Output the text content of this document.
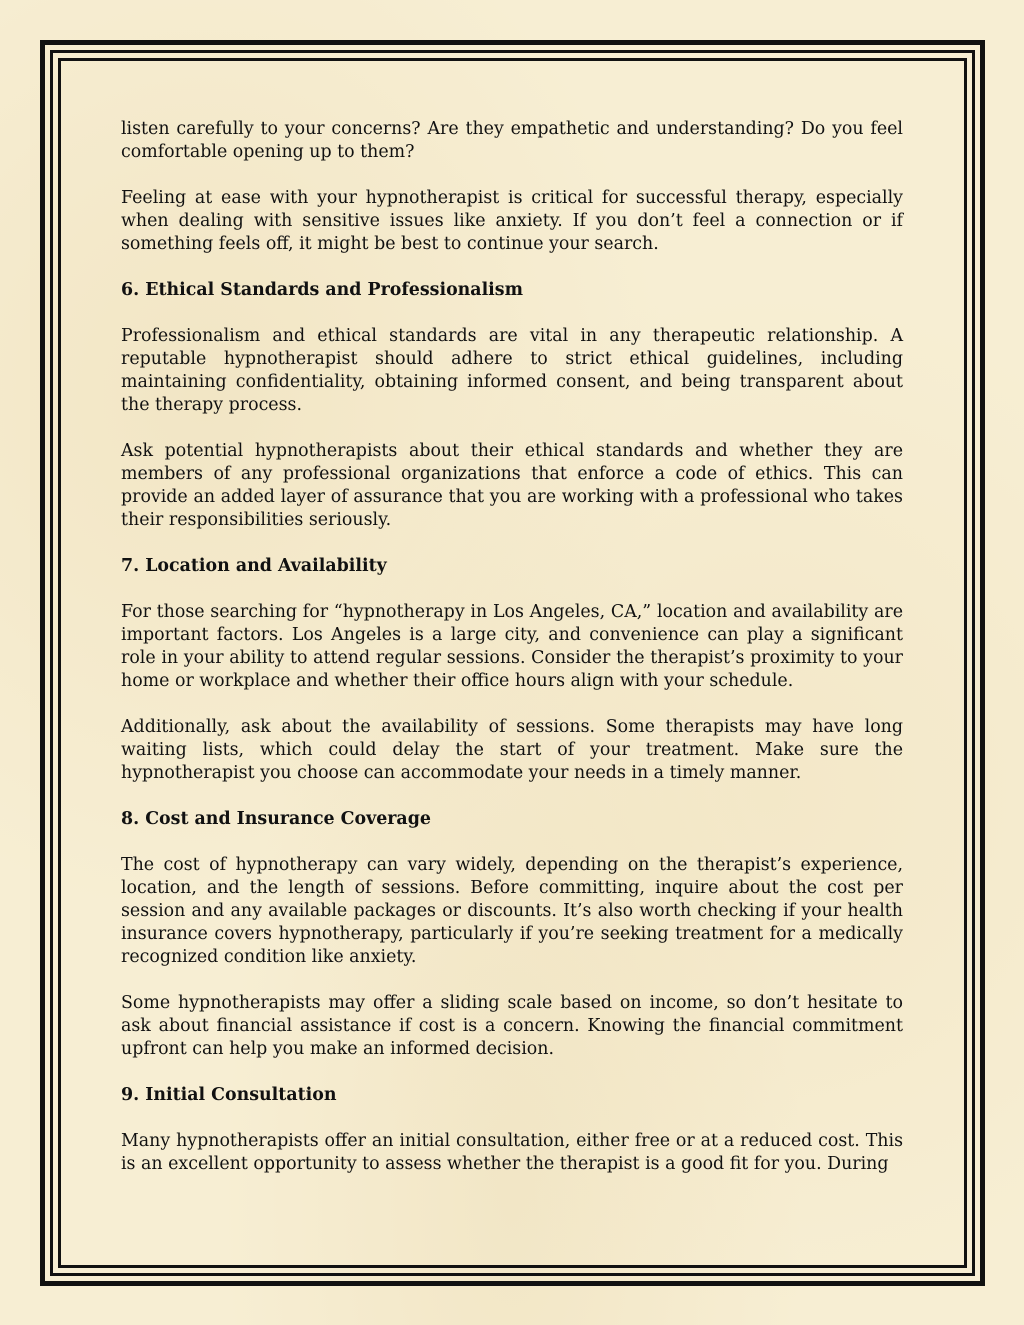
listen carefully to your concerns? Are they empathetic and understanding? Do you feel comfortable opening up to them?

Feeling at ease with your hypnotherapist is critical for successful therapy, especially when dealing with sensitive issues like anxiety. If you don’t feel a connection or if something feels off, it might be best to continue your search.

6. Ethical Standards and Professionalism

Professionalism and ethical standards are vital in any therapeutic relationship. A reputable hypnotherapist should adhere to strict ethical guidelines, including maintaining confidentiality, obtaining informed consent, and being transparent about the therapy process.

Ask potential hypnotherapists about their ethical standards and whether they are members of any professional organizations that enforce a code of ethics. This can provide an added layer of assurance that you are working with a professional who takes their responsibilities seriously.

7. Location and Availability

For those searching for “hypnotherapy in Los Angeles, CA,” location and availability are important factors. Los Angeles is a large city, and convenience can play a significant role in your ability to attend regular sessions. Consider the therapist’s proximity to your home or workplace and whether their office hours align with your schedule.

Additionally, ask about the availability of sessions. Some therapists may have long waiting lists, which could delay the start of your treatment. Make sure the hypnotherapist you choose can accommodate your needs in a timely manner.

8. Cost and Insurance Coverage

The cost of hypnotherapy can vary widely, depending on the therapist’s experience, location, and the length of sessions. Before committing, inquire about the cost per session and any available packages or discounts. It’s also worth checking if your health insurance covers hypnotherapy, particularly if you’re seeking treatment for a medically recognized condition like anxiety.

Some hypnotherapists may offer a sliding scale based on income, so don’t hesitate to ask about financial assistance if cost is a concern. Knowing the financial commitment upfront can help you make an informed decision.

9. Initial Consultation

Many hypnotherapists offer an initial consultation, either free or at a reduced cost. This is an excellent opportunity to assess whether the therapist is a good fit for you. During
